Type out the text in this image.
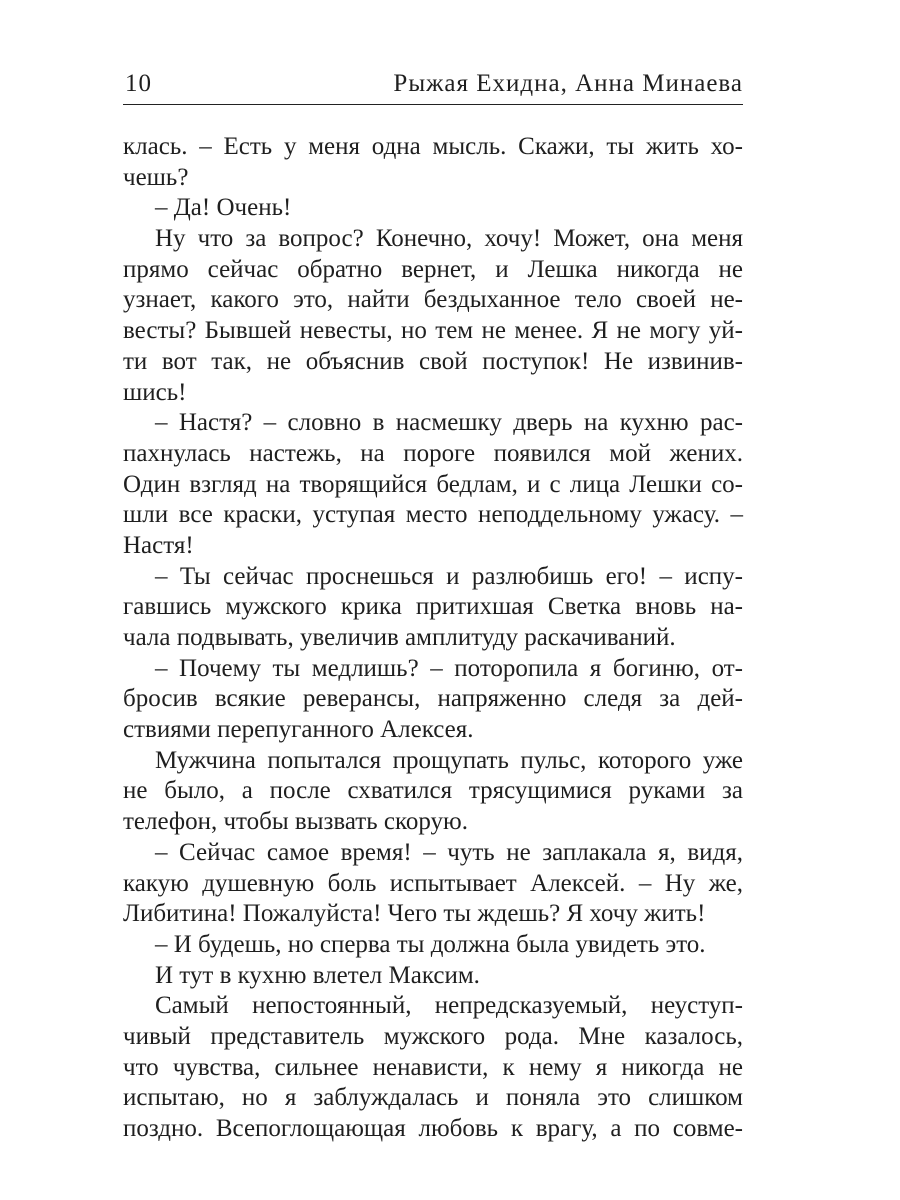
10	Рыжая Ехидна, Анна Минаева
клась. – Есть у меня одна мысль. Скажи, ты жить хо-
чешь?
– Да! Очень!
Ну что за вопрос? Конечно, хочу! Может, она меня
прямо сейчас обратно вернет, и Лешка никогда не
узнает, какого это, найти бездыханное тело своей не-
весты? Бывшей невесты, но тем не менее. Я не могу уй-
ти вот так, не объяснив свой поступок! Не извинив-
шись!
– Настя? – словно в насмешку дверь на кухню рас-
пахнулась настежь, на пороге появился мой жених.
Один взгляд на творящийся бедлам, и с лица Лешки со-
шли все краски, уступая место неподдельному ужасу. –
Настя!
– Ты сейчас проснешься и разлюбишь его! – испу-
гавшись мужского крика притихшая Светка вновь на-
чала подвывать, увеличив амплитуду раскачиваний.
– Почему ты медлишь? – поторопила я богиню, от-
бросив всякие реверансы, напряженно следя за дей-
ствиями перепуганного Алексея.
Мужчина попытался прощупать пульс, которого уже
не было, а после схватился трясущимися руками за
телефон, чтобы вызвать скорую.
– Сейчас самое время! – чуть не заплакала я, видя,
какую душевную боль испытывает Алексей. – Ну же,
Либитина! Пожалуйста! Чего ты ждешь? Я хочу жить!
– И будешь, но сперва ты должна была увидеть это.
И тут в кухню влетел Максим.
Самый непостоянный, непредсказуемый, неуступ-
чивый представитель мужского рода. Мне казалось,
что чувства, сильнее ненависти, к нему я никогда не
испытаю, но я заблуждалась и поняла это слишком
поздно. Всепоглощающая любовь к врагу, а по совме-
